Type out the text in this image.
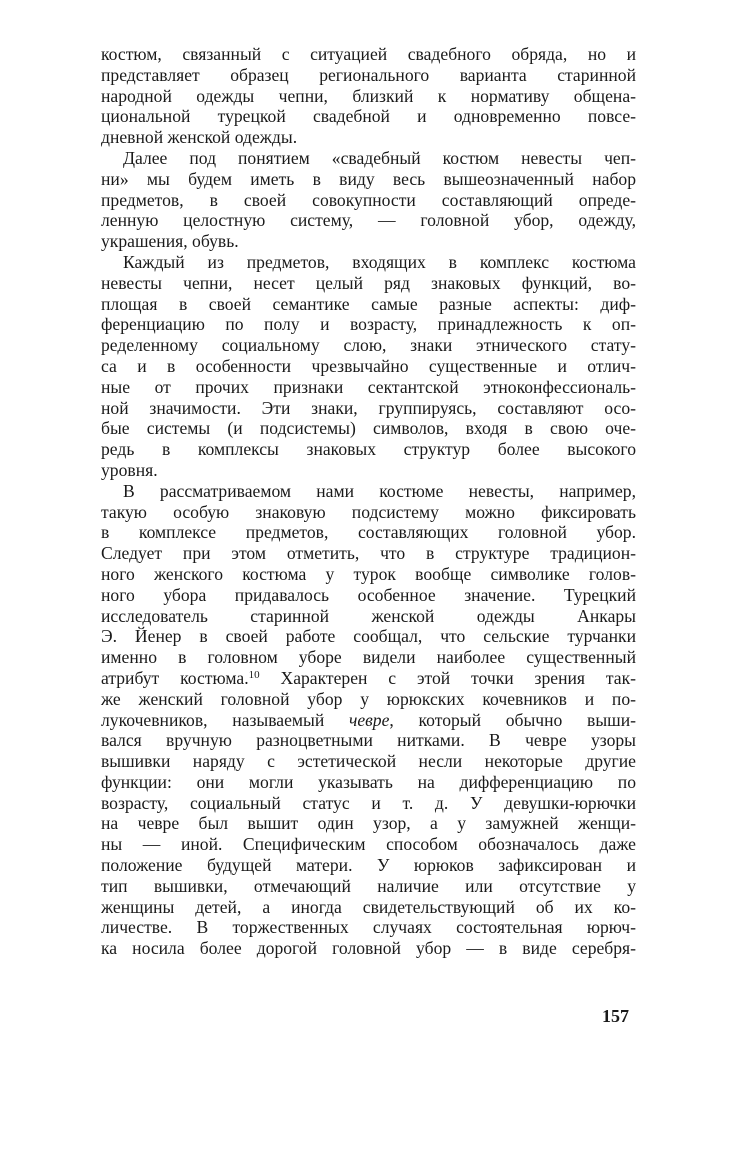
костюм, связанный с ситуацией свадебного обряда, но и
представляет образец регионального варианта старинной
народной одежды чепни, близкий к нормативу общена-
циональной турецкой свадебной и одновременно повсе-
дневной женской одежды.
Далее под понятием «свадебный костюм невесты чеп-
ни» мы будем иметь в виду весь вышеозначенный набор
предметов, в своей совокупности составляющий опреде-
ленную целостную систему, — головной убор, одежду,
украшения, обувь.
Каждый из предметов, входящих в комплекс костюма
невесты чепни, несет целый ряд знаковых функций, во-
площая в своей семантике самые разные аспекты: диф-
ференциацию по полу и возрасту, принадлежность к оп-
ределенному социальному слою, знаки этнического стату-
са и в особенности чрезвычайно существенные и отлич-
ные от прочих признаки сектантской этноконфессиональ-
ной значимости. Эти знаки, группируясь, составляют осо-
бые системы (и подсистемы) символов, входя в свою оче-
редь в комплексы знаковых структур более высокого
уровня.
В рассматриваемом нами костюме невесты, например,
такую особую знаковую подсистему можно фиксировать
в комплексе предметов, составляющих головной убор.
Следует при этом отметить, что в структуре традицион-
ного женского костюма у турок вообще символике голов-
ного убора придавалось особенное значение. Турецкий
исследователь старинной женской одежды Анкары
Э. Йенер в своей работе сообщал, что сельские турчанки
именно в головном уборе видели наиболее существенный
атрибут костюма.$^{10}$ Характерен с этой точки зрения так-
же женский головной убор у юрюкских кочевников и по-
лукочевников, называемый чевре, который обычно выши-
вался вручную разноцветными нитками. В чевре узоры
вышивки наряду с эстетической несли некоторые другие
функции: они могли указывать на дифференциацию по
возрасту, социальный статус и т. д. У девушки-юрючки
на чевре был вышит один узор, а у замужней женщи-
ны — иной. Специфическим способом обозначалось даже
положение будущей матери. У юрюков зафиксирован и
тип вышивки, отмечающий наличие или отсутствие у
женщины детей, а иногда свидетельствующий об их ко-
личестве. В торжественных случаях состоятельная юрюч-
ка носила более дорогой головной убор — в виде серебря-
157
